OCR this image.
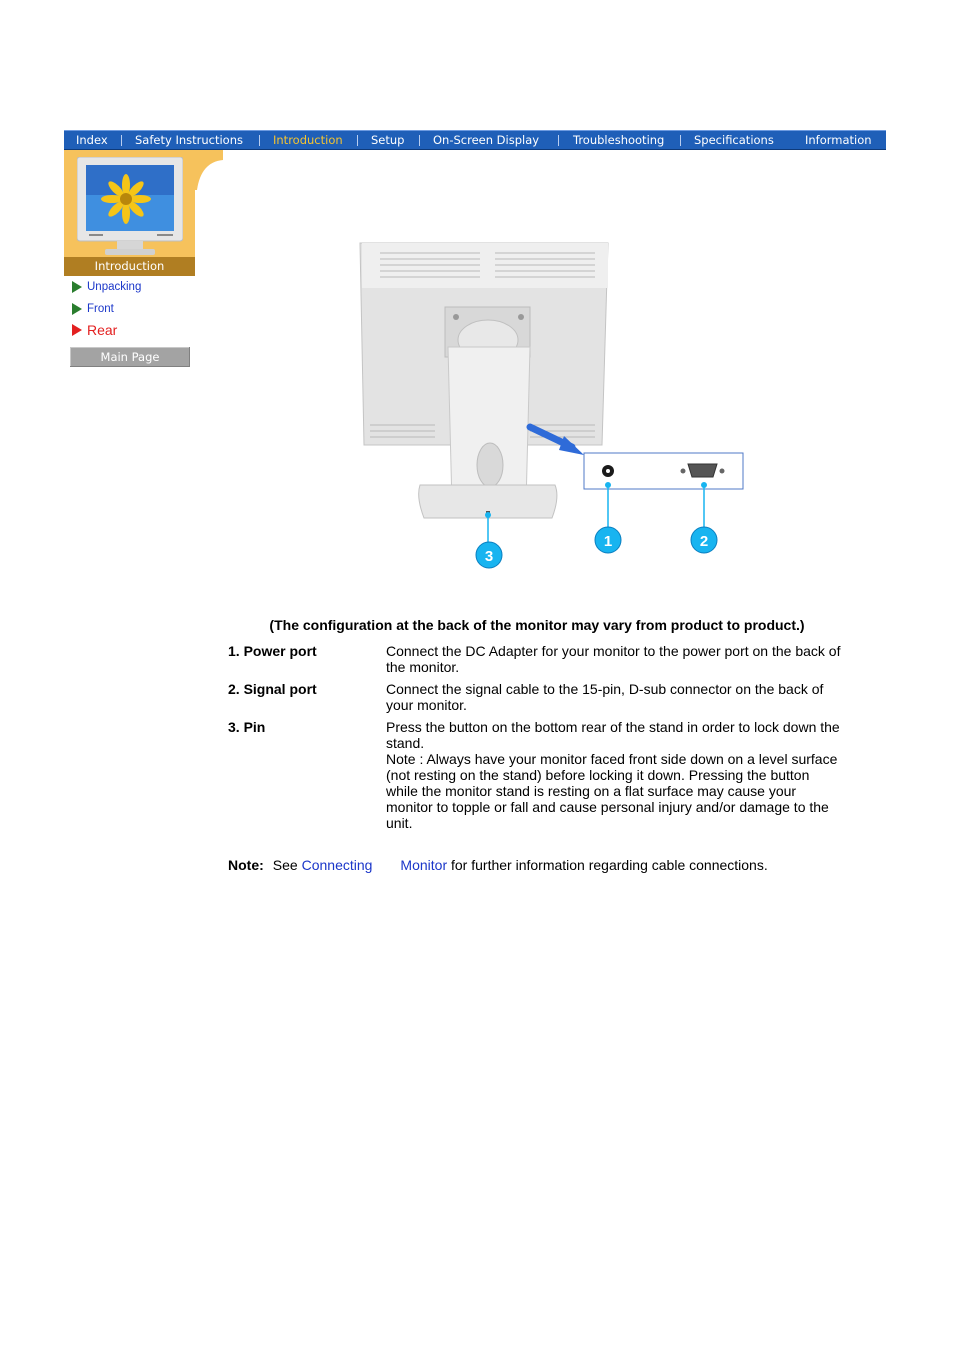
Index Safety Instructions	Introduction Setup On-Screen Display	Troubleshooting	Specifications	Information
Introduction
Unpacking
Front
Rear
Main Page
1	2
3
(The configuration at the back of the monitor may vary from product to product.)
1. Power port	Connect the DC Adapter for your monitor to the power port on the back of the monitor.
2. Signal port	Connect the signal cable to the 15-pin, D-sub connector on the back of your monitor.
3. Pin	Press the button on the bottom rear of the stand in order to lock down the stand.
Note : Always have your monitor faced front side down on a level surface (not resting on the stand) before locking it down. Pressing the button while the monitor stand is resting on a flat surface may cause your monitor to topple or fall and cause personal injury and/or damage to the unit.
Note: See Connecting Monitor for further information regarding cable connections.
